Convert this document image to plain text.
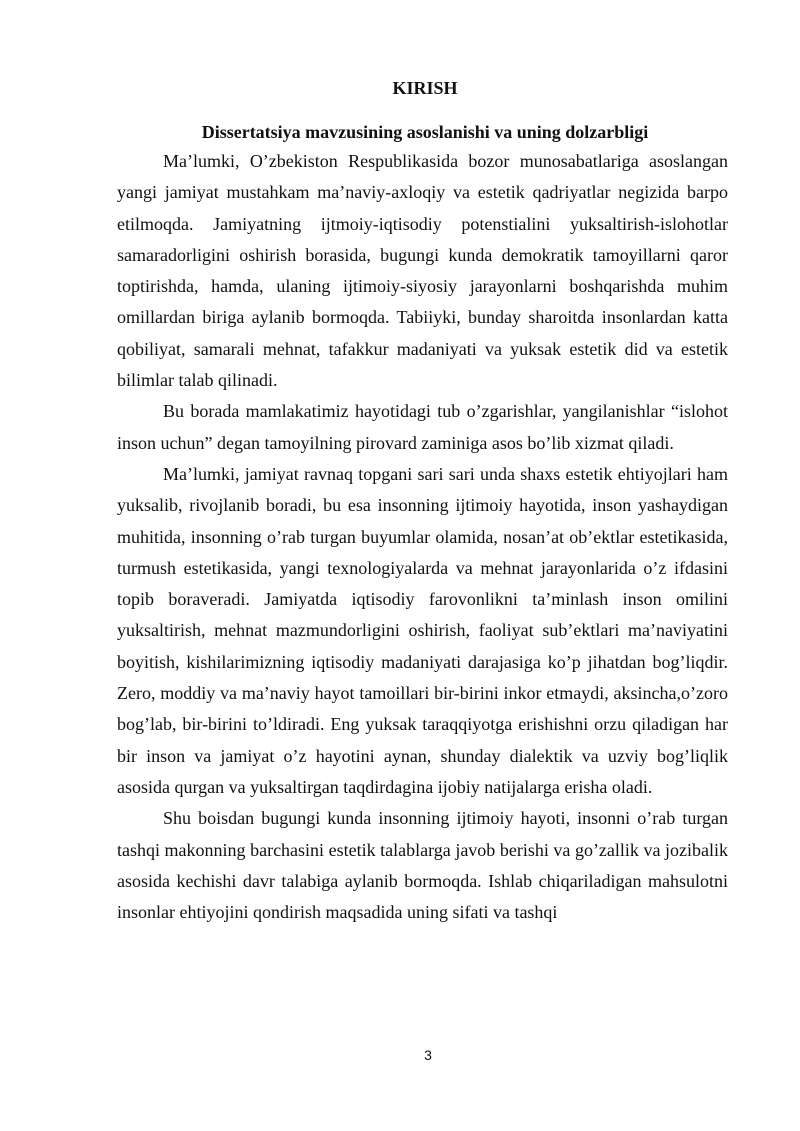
KIRISH
Dissertatsiya mavzusining asoslanishi va uning dolzarbligi

Ma’lumki, O’zbekiston Respublikasida bozor munosabatlariga asoslangan yangi jamiyat mustahkam ma’naviy-axloqiy va estetik qadriyatlar negizida barpo etilmoqda. Jamiyatning ijtmoiy-iqtisodiy potenstialini yuksaltirish-islohotlar samaradorligini oshirish borasida, bugungi kunda demokratik tamoyillarni qaror toptirishda, hamda, ulaning ijtimoiy-siyosiy jarayonlarni boshqarishda muhim omillardan biriga aylanib bormoqda. Tabiiyki, bunday sharoitda insonlardan katta qobiliyat, samarali mehnat, tafakkur madaniyati va yuksak estetik did va estetik bilimlar talab qilinadi.

Bu borada mamlakatimiz hayotidagi tub o’zgarishlar, yangilanishlar “islohot inson uchun” degan tamoyilning pirovard zaminiga asos bo’lib xizmat qiladi.

Ma’lumki, jamiyat ravnaq topgani sari sari unda shaxs estetik ehtiyojlari ham yuksalib, rivojlanib boradi, bu esa insonning ijtimoiy hayotida, inson yashaydigan muhitida, insonning o’rab turgan buyumlar olamida, nosan’at ob’ektlar estetikasida, turmush estetikasida, yangi texnologiyalarda va mehnat jarayonlarida o’z ifdasini topib boraveradi. Jamiyatda iqtisodiy farovonlikni ta’minlash inson omilini yuksaltirish, mehnat mazmundorligini oshirish, faoliyat sub’ektlari ma’naviyatini boyitish, kishilarimizning iqtisodiy madaniyati darajasiga ko’p jihatdan bog’liqdir. Zero, moddiy va ma’naviy hayot tamoillari bir-birini inkor etmaydi, aksincha,o’zoro bog’lab, bir-birini to’ldiradi. Eng yuksak taraqqiyotga erishishni orzu qiladigan har bir inson va jamiyat o’z hayotini aynan, shunday dialektik va uzviy bog’liqlik asosida qurgan va yuksaltirgan taqdirdagina ijobiy natijalarga erisha oladi.

Shu boisdan bugungi kunda insonning ijtimoiy hayoti, insonni o’rab turgan tashqi makonning barchasini estetik talablarga javob berishi va go’zallik va jozibalik asosida kechishi davr talabiga aylanib bormoqda. Ishlab chiqariladigan mahsulotni insonlar ehtiyojini qondirish maqsadida uning sifati va tashqi

3
